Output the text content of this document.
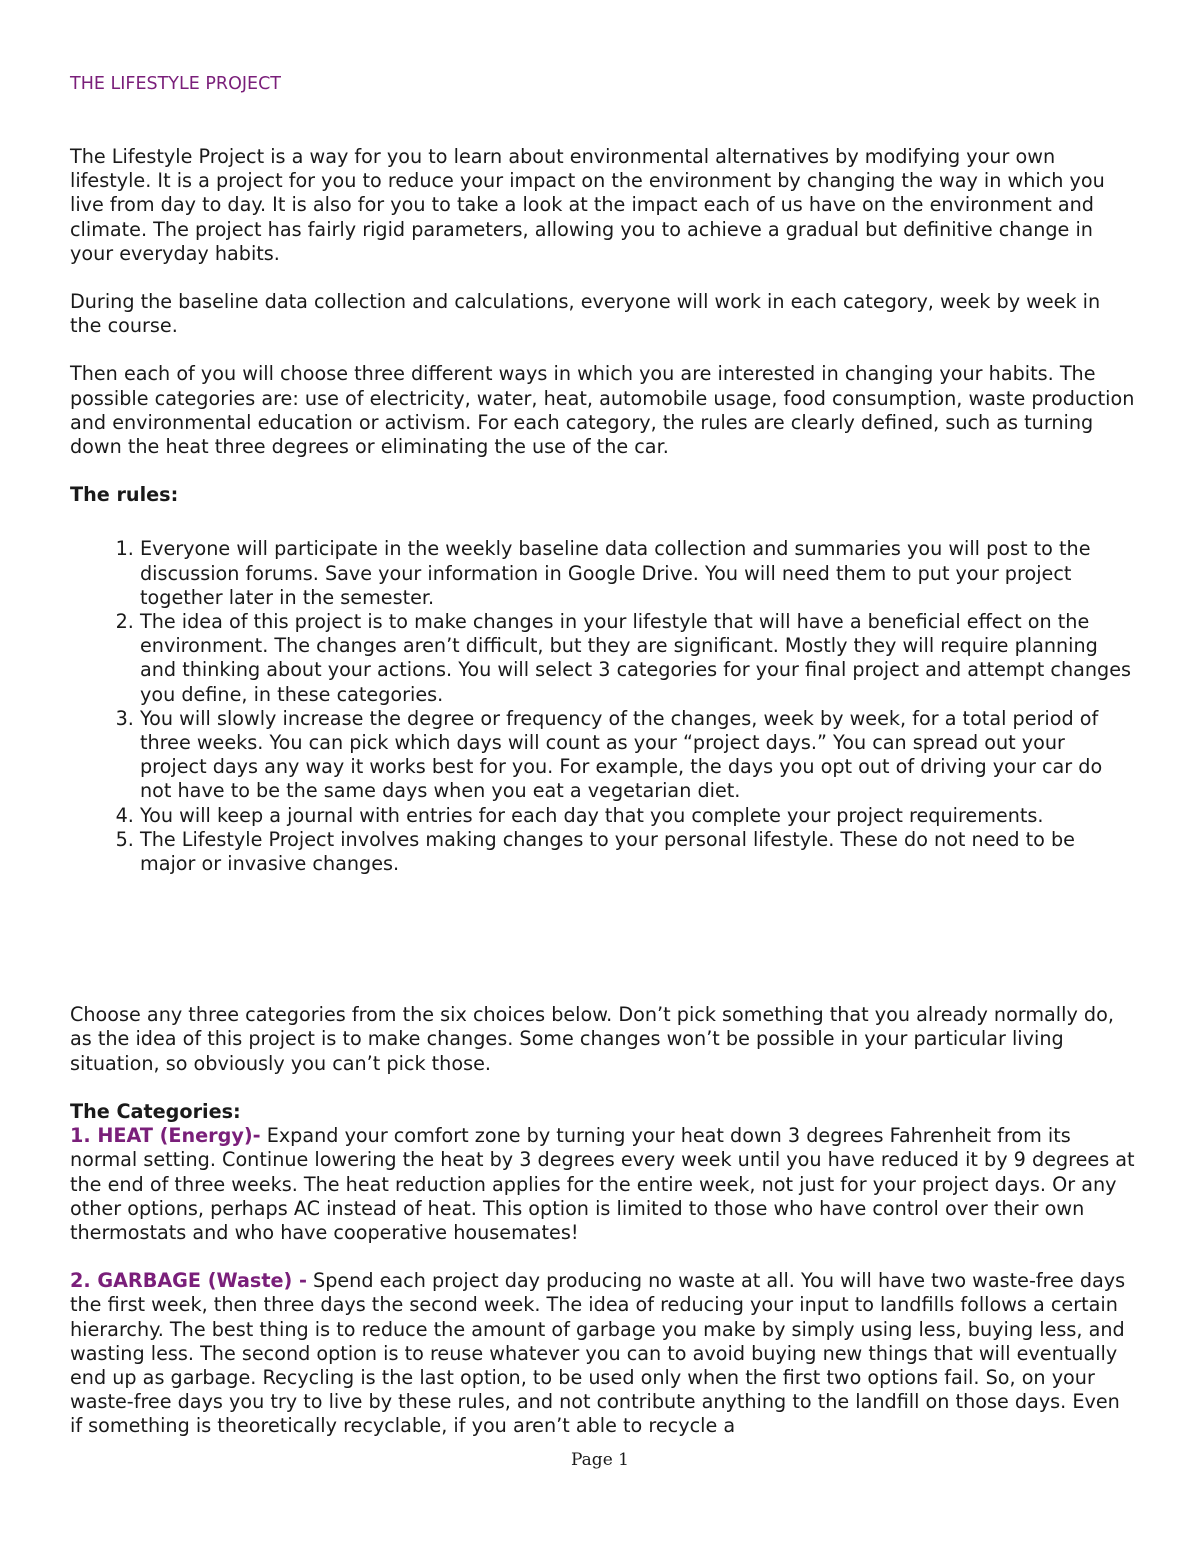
THE LIFESTYLE PROJECT

The Lifestyle Project is a way for you to learn about environmental alternatives by modifying your own lifestyle. It is a project for you to reduce your impact on the environment by changing the way in which you live from day to day. It is also for you to take a look at the impact each of us have on the environment and climate. The project has fairly rigid parameters, allowing you to achieve a gradual but definitive change in your everyday habits.

During the baseline data collection and calculations, everyone will work in each category, week by week in the course.

Then each of you will choose three different ways in which you are interested in changing your habits. The possible categories are: use of electricity, water, heat, automobile usage, food consumption, waste production and environmental education or activism. For each category, the rules are clearly defined, such as turning down the heat three degrees or eliminating the use of the car.

The rules:

1. Everyone will participate in the weekly baseline data collection and summaries you will post to the discussion forums. Save your information in Google Drive. You will need them to put your project together later in the semester.
2. The idea of this project is to make changes in your lifestyle that will have a beneficial effect on the environment. The changes aren’t difficult, but they are significant. Mostly they will require planning and thinking about your actions. You will select 3 categories for your final project and attempt changes you define, in these categories.
3. You will slowly increase the degree or frequency of the changes, week by week, for a total period of three weeks. You can pick which days will count as your “project days.” You can spread out your project days any way it works best for you. For example, the days you opt out of driving your car do not have to be the same days when you eat a vegetarian diet.
4. You will keep a journal with entries for each day that you complete your project requirements.
5. The Lifestyle Project involves making changes to your personal lifestyle. These do not need to be major or invasive changes.

Choose any three categories from the six choices below. Don’t pick something that you already normally do, as the idea of this project is to make changes. Some changes won’t be possible in your particular living situation, so obviously you can’t pick those.

The Categories:

1. HEAT (Energy)- Expand your comfort zone by turning your heat down 3 degrees Fahrenheit from its normal setting. Continue lowering the heat by 3 degrees every week until you have reduced it by 9 degrees at the end of three weeks. The heat reduction applies for the entire week, not just for your project days. Or any other options, perhaps AC instead of heat. This option is limited to those who have control over their own thermostats and who have cooperative housemates!

2. GARBAGE (Waste) - Spend each project day producing no waste at all. You will have two waste-free days the first week, then three days the second week. The idea of reducing your input to landfills follows a certain hierarchy. The best thing is to reduce the amount of garbage you make by simply using less, buying less, and wasting less. The second option is to reuse whatever you can to avoid buying new things that will eventually end up as garbage. Recycling is the last option, to be used only when the first two options fail. So, on your waste-free days you try to live by these rules, and not contribute anything to the landfill on those days. Even if something is theoretically recyclable, if you aren’t able to recycle a

Page 1
